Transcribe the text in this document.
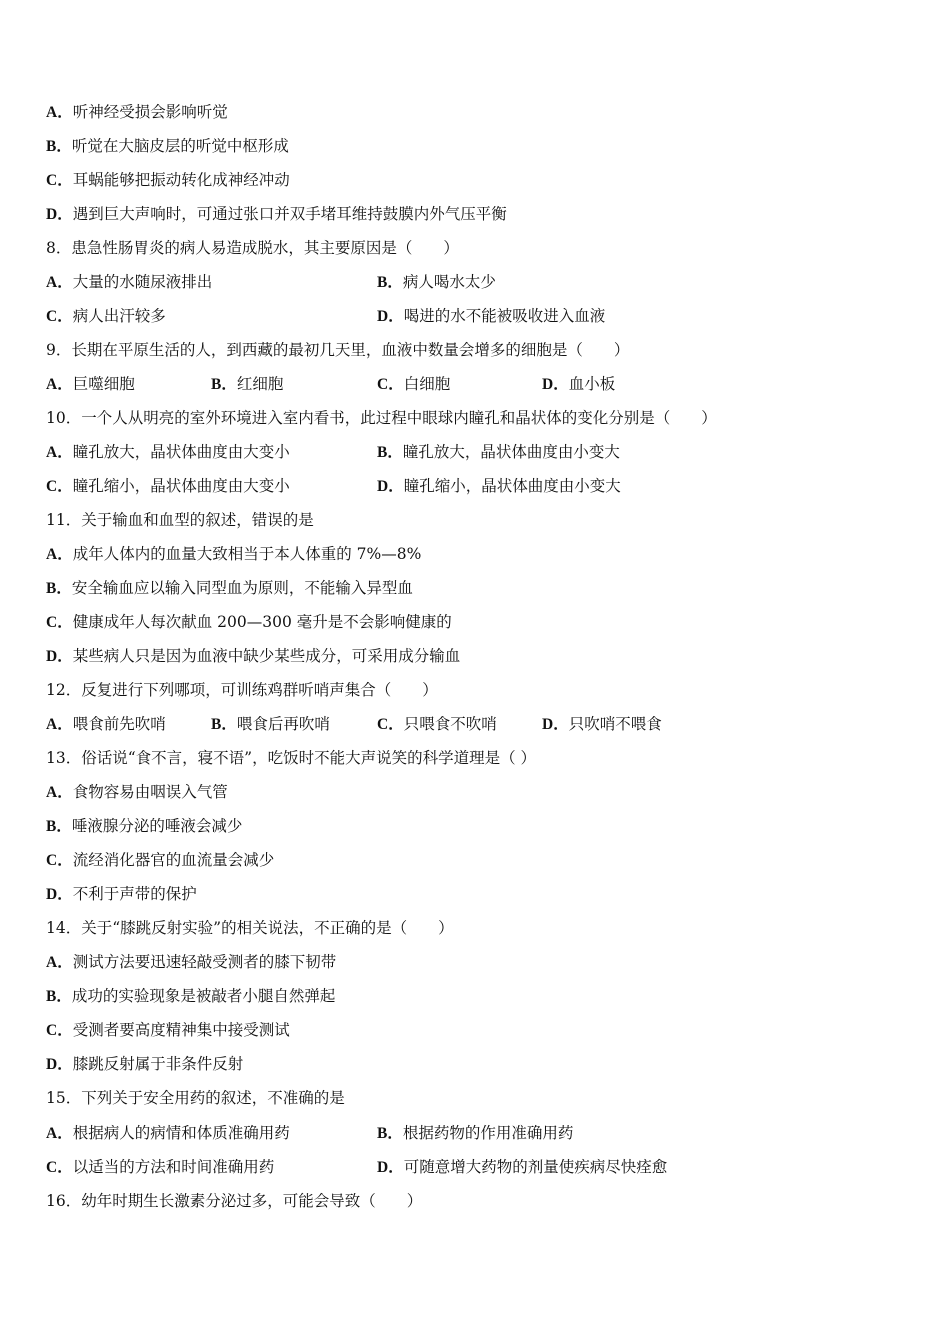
A．听神经受损会影响听觉
B．听觉在大脑皮层的听觉中枢形成
C．耳蜗能够把振动转化成神经冲动
D．遇到巨大声响时，可通过张口并双手堵耳维持鼓膜内外气压平衡
8．患急性肠胃炎的病人易造成脱水，其主要原因是（　　）
A．大量的水随尿液排出	B．病人喝水太少
C．病人出汗较多	D．喝进的水不能被吸收进入血液
9．长期在平原生活的人，到西藏的最初几天里，血液中数量会增多的细胞是（　　）
A．巨噬细胞	B．红细胞	C．白细胞	D．血小板
10．一个人从明亮的室外环境进入室内看书，此过程中眼球内瞳孔和晶状体的变化分别是（　　）
A．瞳孔放大，晶状体曲度由大变小	B．瞳孔放大，晶状体曲度由小变大
C．瞳孔缩小，晶状体曲度由大变小	D．瞳孔缩小，晶状体曲度由小变大
11．关于输血和血型的叙述，错误的是
A．成年人体内的血量大致相当于本人体重的 7%—8%
B．安全输血应以输入同型血为原则，不能输入异型血
C．健康成年人每次献血 200—300 毫升是不会影响健康的
D．某些病人只是因为血液中缺少某些成分，可采用成分输血
12．反复进行下列哪项，可训练鸡群听哨声集合（　　）
A．喂食前先吹哨	B．喂食后再吹哨	C．只喂食不吹哨	D．只吹哨不喂食
13．俗话说“食不言，寝不语”，吃饭时不能大声说笑的科学道理是（ ）
A．食物容易由咽误入气管
B．唾液腺分泌的唾液会减少
C．流经消化器官的血流量会减少
D．不利于声带的保护
14．关于“膝跳反射实验”的相关说法，不正确的是（　　）
A．测试方法要迅速轻敲受测者的膝下韧带
B．成功的实验现象是被敲者小腿自然弹起
C．受测者要高度精神集中接受测试
D．膝跳反射属于非条件反射
15．下列关于安全用药的叙述，不准确的是
A．根据病人的病情和体质准确用药	B．根据药物的作用准确用药
C．以适当的方法和时间准确用药	D．可随意增大药物的剂量使疾病尽快痊愈
16．幼年时期生长激素分泌过多，可能会导致（　　）
